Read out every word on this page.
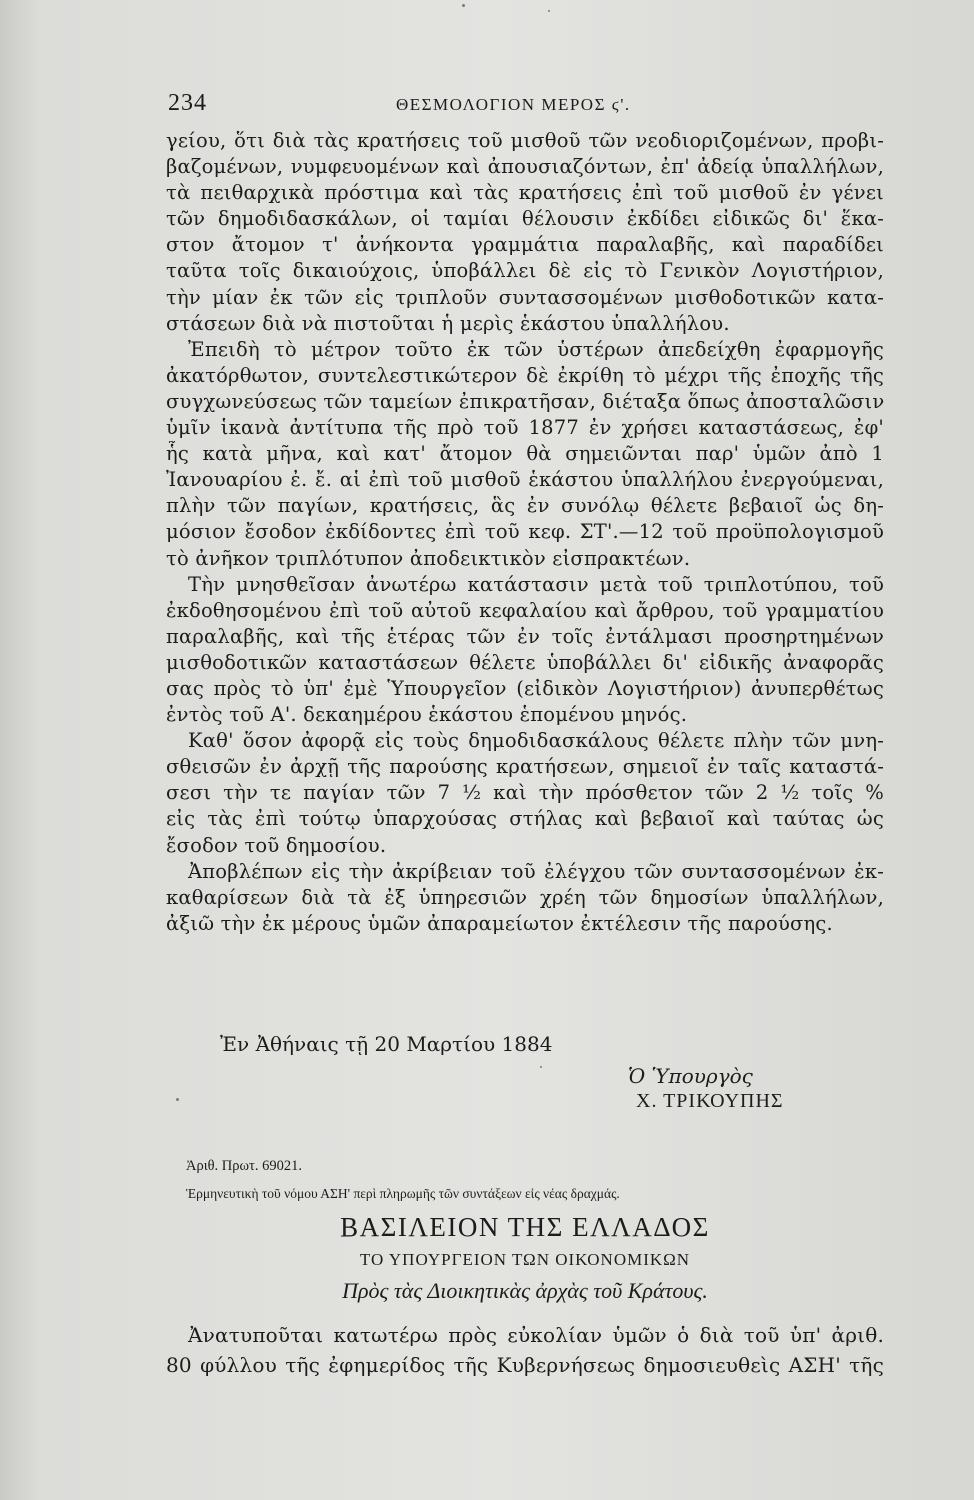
234	ΘΕΣΜΟΛΟΓΙΟΝ ΜΕΡΟΣ ϛ'.
γείου, ὅτι διὰ τὰς κρατήσεις τοῦ μισθοῦ τῶν νεοδιοριζομένων, προβι-
βαζομένων, νυμφευομένων καὶ ἀπουσιαζόντων, ἐπ' ἀδείᾳ ὑπαλλήλων,
τὰ πειθαρχικὰ πρόστιμα καὶ τὰς κρατήσεις ἐπὶ τοῦ μισθοῦ ἐν γένει
τῶν δημοδιδασκάλων, οἱ ταμίαι θέλουσιν ἐκδίδει εἰδικῶς δι' ἕκα-
στον ἄτομον τ' ἀνήκοντα γραμμάτια παραλαβῆς, καὶ παραδίδει
ταῦτα τοῖς δικαιούχοις, ὑποβάλλει δὲ εἰς τὸ Γενικὸν Λογιστήριον,
τὴν μίαν ἐκ τῶν εἰς τριπλοῦν συντασσομένων μισθοδοτικῶν κατα-
στάσεων διὰ νὰ πιστοῦται ἡ μερὶς ἑκάστου ὑπαλλήλου.
Ἐπειδὴ τὸ μέτρον τοῦτο ἐκ τῶν ὑστέρων ἀπεδείχθη ἐφαρμογῆς
ἀκατόρθωτον, συντελεστικώτερον δὲ ἐκρίθη τὸ μέχρι τῆς ἐποχῆς τῆς
συγχωνεύσεως τῶν ταμείων ἐπικρατῆσαν, διέταξα ὅπως ἀποσταλῶσιν
ὑμῖν ἱκανὰ ἀντίτυπα τῆς πρὸ τοῦ 1877 ἐν χρήσει καταστάσεως, ἐφ'
ἧς κατὰ μῆνα, καὶ κατ' ἄτομον θὰ σημειῶνται παρ' ὑμῶν ἀπὸ 1
Ἰανουαρίου ἐ. ἔ. αἱ ἐπὶ τοῦ μισθοῦ ἑκάστου ὑπαλλήλου ἐνεργούμεναι,
πλὴν τῶν παγίων, κρατήσεις, ἃς ἐν συνόλῳ θέλετε βεβαιοῖ ὡς δη-
μόσιον ἔσοδον ἐκδίδοντες ἐπὶ τοῦ κεφ. ΣΤ'.—12 τοῦ προϋπολογισμοῦ
τὸ ἀνῆκον τριπλότυπον ἀποδεικτικὸν εἰσπρακτέων.
Τὴν μνησθεῖσαν ἀνωτέρω κατάστασιν μετὰ τοῦ τριπλοτύπου, τοῦ
ἐκδοθησομένου ἐπὶ τοῦ αὐτοῦ κεφαλαίου καὶ ἄρθρου, τοῦ γραμματίου
παραλαβῆς, καὶ τῆς ἑτέρας τῶν ἐν τοῖς ἐντάλμασι προσηρτημένων
μισθοδοτικῶν καταστάσεων θέλετε ὑποβάλλει δι' εἰδικῆς ἀναφορᾶς
σας πρὸς τὸ ὑπ' ἐμὲ Ὑπουργεῖον (εἰδικὸν Λογιστήριον) ἀνυπερθέτως
ἐντὸς τοῦ Α'. δεκαημέρου ἑκάστου ἑπομένου μηνός.
Καθ' ὅσον ἀφορᾷ εἰς τοὺς δημοδιδασκάλους θέλετε πλὴν τῶν μνη-
σθεισῶν ἐν ἀρχῇ τῆς παρούσης κρατήσεων, σημειοῖ ἐν ταῖς καταστά-
σεσι τὴν τε παγίαν τῶν 7 ½ καὶ τὴν πρόσθετον τῶν 2 ½ τοῖς %
εἰς τὰς ἐπὶ τούτῳ ὑπαρχούσας στήλας καὶ βεβαιοῖ καὶ ταύτας ὡς
ἔσοδον τοῦ δημοσίου.
Ἀποβλέπων εἰς τὴν ἀκρίβειαν τοῦ ἐλέγχου τῶν συντασσομένων ἐκ-
καθαρίσεων διὰ τὰ ἐξ ὑπηρεσιῶν χρέη τῶν δημοσίων ὑπαλλήλων,
ἀξιῶ τὴν ἐκ μέρους ὑμῶν ἀπαραμείωτον ἐκτέλεσιν τῆς παρούσης.
Ἐν Ἀθήναις τῇ 20 Μαρτίου 1884
Ὁ Ὑπουργὸς
Χ. ΤΡΙΚΟΥΠΗΣ
Ἀριθ. Πρωτ. 69021.
Ἑρμηνευτικὴ τοῦ νόμου ΑΣΗ' περὶ πληρωμῆς τῶν συντάξεων εἰς νέας δραχμάς.
ΒΑΣΙΛΕΙΟΝ ΤΗΣ ΕΛΛΑΔΟΣ
ΤΟ ΥΠΟΥΡΓΕΙΟΝ ΤΩΝ ΟΙΚΟΝΟΜΙΚΩΝ
Πρὸς τὰς Διοικητικὰς ἀρχὰς τοῦ Κράτους.
Ἀνατυποῦται κατωτέρω πρὸς εὐκολίαν ὑμῶν ὁ διὰ τοῦ ὑπ' ἀριθ.
80 φύλλου τῆς ἐφημερίδος τῆς Κυβερνήσεως δημοσιευθεὶς ΑΣΗ' τῆς
